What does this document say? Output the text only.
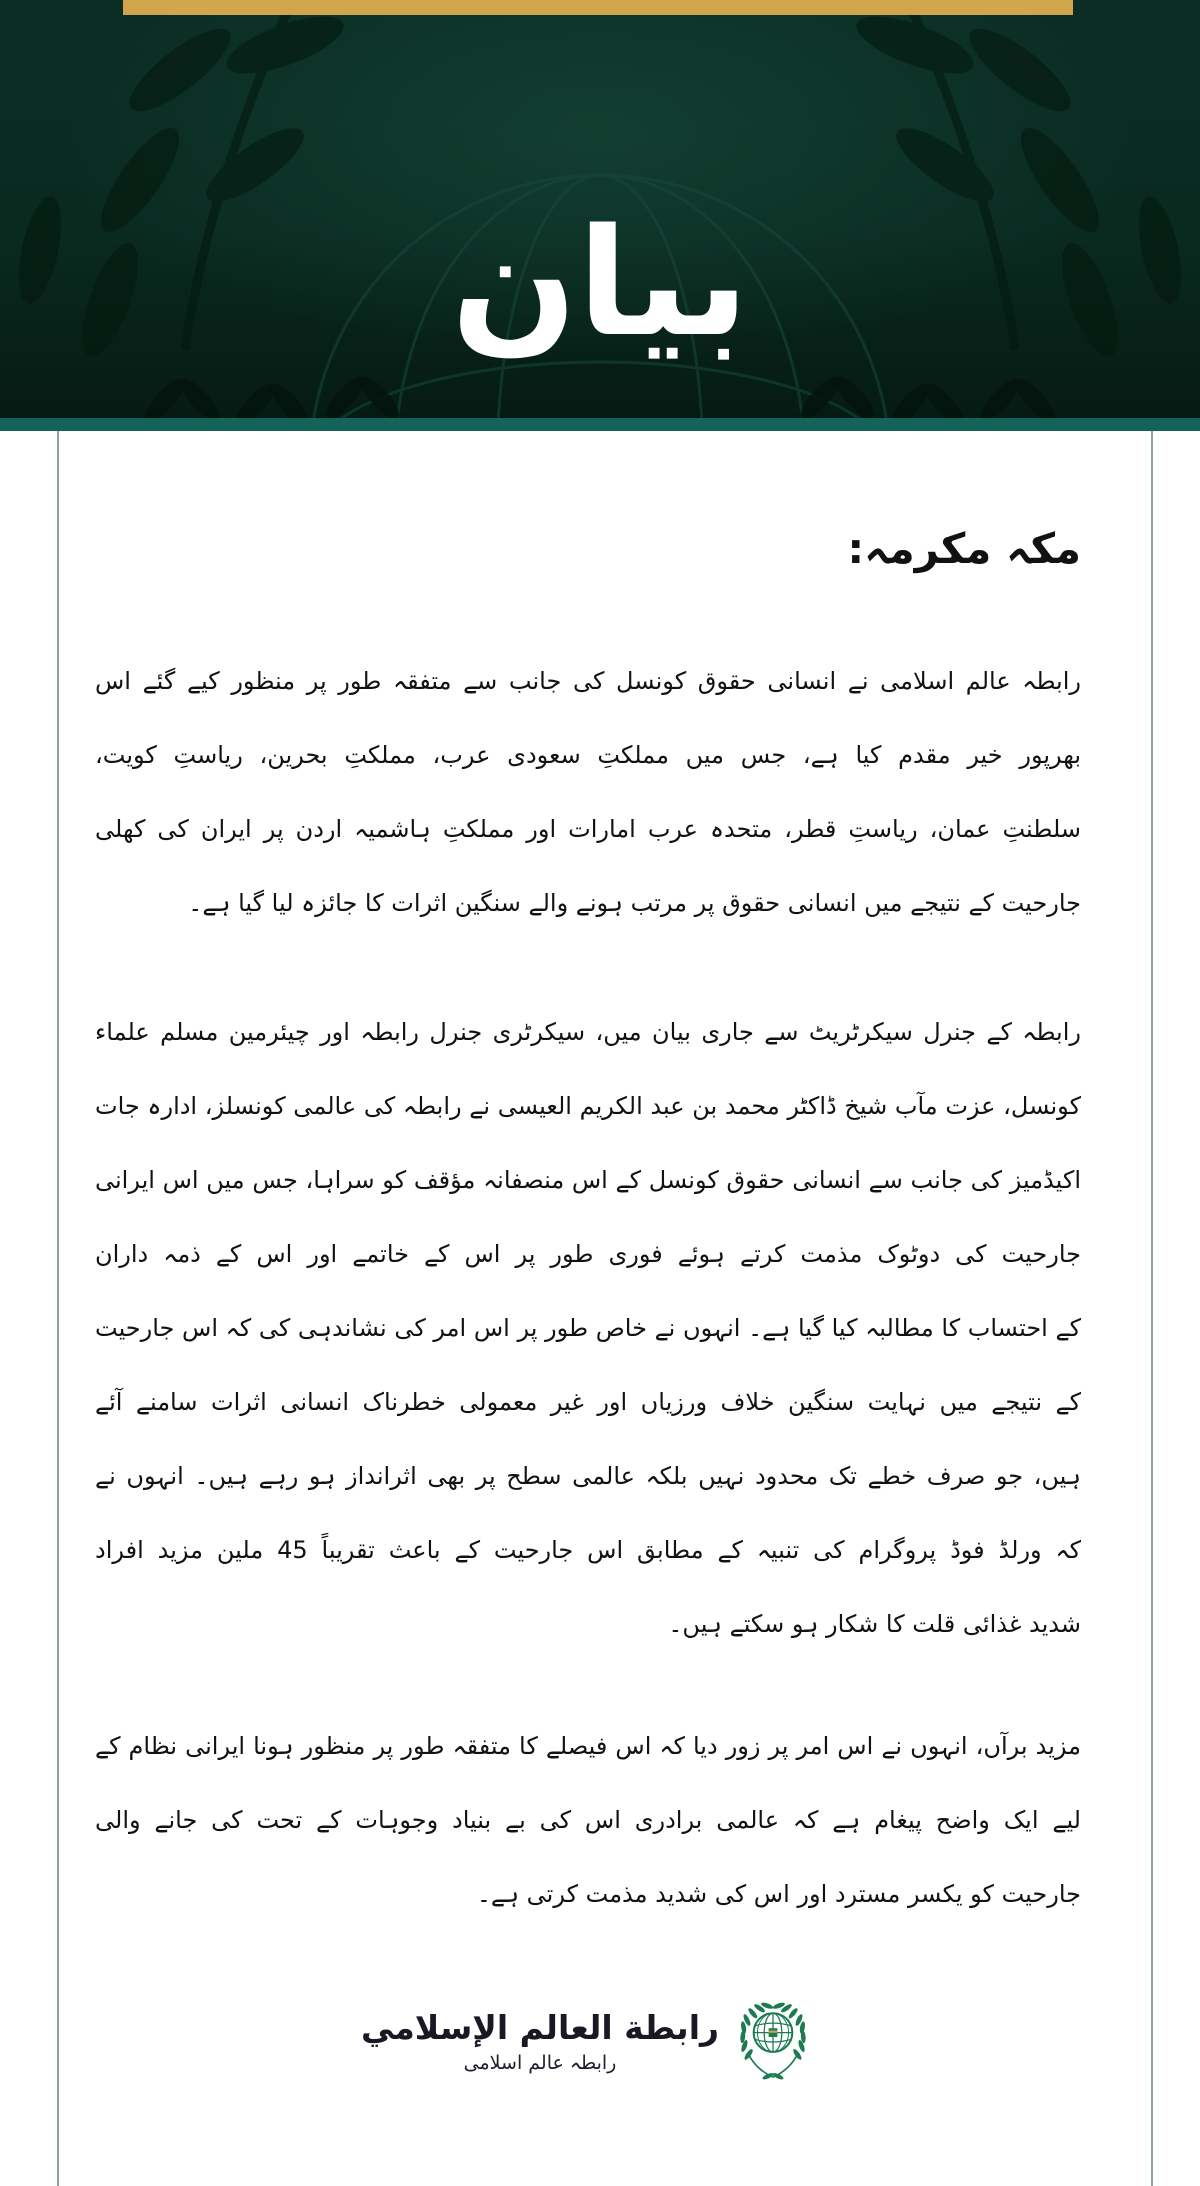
بيان
مکہ مکرمہ:
رابطہ عالم اسلامی نے انسانی حقوق کونسل کی جانب سے متفقہ طور پر منظور کیے گئے اس
بھرپور خیر مقدم کیا ہے، جس میں مملکتِ سعودی عرب، مملکتِ بحرین، ریاستِ کویت،
سلطنتِ عمان، ریاستِ قطر، متحدہ عرب امارات اور مملکتِ ہاشمیہ اردن پر ایران کی کھلی
جارحیت کے نتیجے میں انسانی حقوق پر مرتب ہونے والے سنگین اثرات کا جائزہ لیا گیا ہے۔
رابطہ کے جنرل سیکرٹریٹ سے جاری بیان میں، سیکرٹری جنرل رابطہ اور چیئرمین مسلم علماء
کونسل، عزت مآب شیخ ڈاکٹر محمد بن عبد الکریم العیسی نے رابطہ کی عالمی کونسلز، ادارہ جات
اکیڈمیز کی جانب سے انسانی حقوق کونسل کے اس منصفانہ مؤقف کو سراہا، جس میں اس ایرانی
جارحیت کی دوٹوک مذمت کرتے ہوئے فوری طور پر اس کے خاتمے اور اس کے ذمہ داران
کے احتساب کا مطالبہ کیا گیا ہے۔ انہوں نے خاص طور پر اس امر کی نشاندہی کی کہ اس جارحیت
کے نتیجے میں نہایت سنگین خلاف ورزیاں اور غیر معمولی خطرناک انسانی اثرات سامنے آئے
ہیں، جو صرف خطے تک محدود نہیں بلکہ عالمی سطح پر بھی اثرانداز ہو رہے ہیں۔ انہوں نے
کہ ورلڈ فوڈ پروگرام کی تنبیہ کے مطابق اس جارحیت کے باعث تقریباً 45 ملین مزید افراد
شدید غذائی قلت کا شکار ہو سکتے ہیں۔
مزید برآں، انہوں نے اس امر پر زور دیا کہ اس فیصلے کا متفقہ طور پر منظور ہونا ایرانی نظام کے
لیے ایک واضح پیغام ہے کہ عالمی برادری اس کی بے بنیاد وجوہات کے تحت کی جانے والی
جارحیت کو یکسر مسترد اور اس کی شدید مذمت کرتی ہے۔
رابطة العالم الإسلامي
رابطہ عالم اسلامی
